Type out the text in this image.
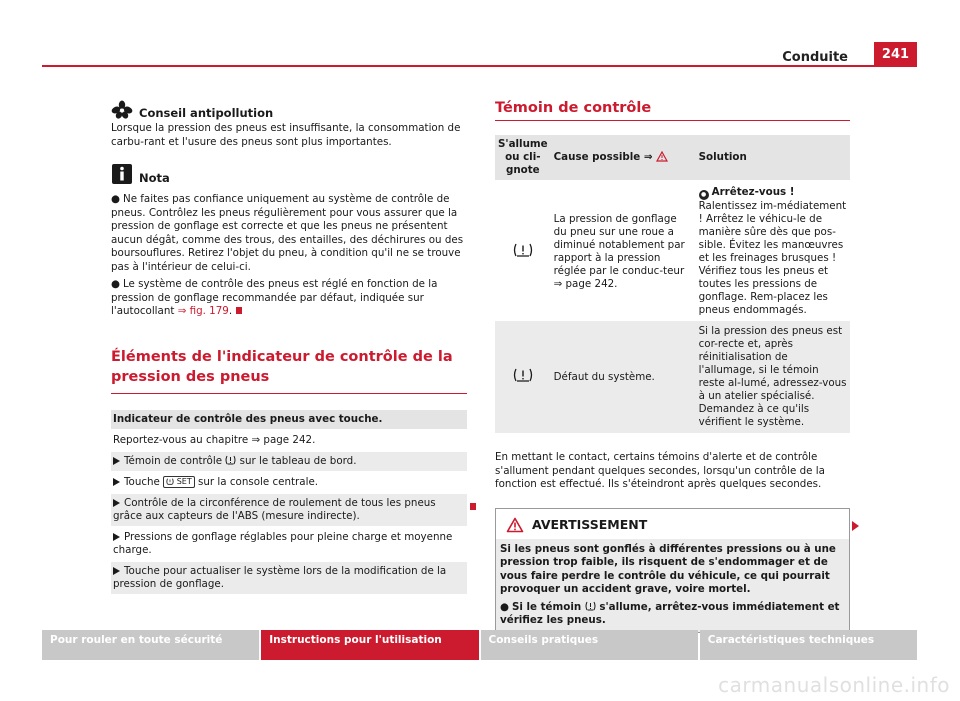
Conduite	241
Conseil antipollution

Lorsque la pression des pneus est insuffisante, la consommation de carbu-rant et l'usure des pneus sont plus importantes.

Nota
● Ne faites pas confiance uniquement au système de contrôle de pneus. Contrôlez les pneus régulièrement pour vous assurer que la pression de gonflage est correcte et que les pneus ne présentent aucun dégât, comme des trous, des entailles, des déchirures ou des boursouflures. Retirez l'objet du pneu, à condition qu'il ne se trouve pas à l'intérieur de celui-ci.
● Le système de contrôle des pneus est réglé en fonction de la pression de gonflage recommandée par défaut, indiquée sur l'autocollant ⇒ fig. 179.
Éléments de l'indicateur de contrôle de la pression des pneus
Indicateur de contrôle des pneus avec touche.
Reportez-vous au chapitre ⇒ page 242.
Témoin de contrôle  sur le tableau de bord.
Touche  SET sur la console centrale.
Contrôle de la circonférence de roulement de tous les pneus grâce aux capteurs de l'ABS (mesure indirecte).
Pressions de gonflage réglables pour pleine charge et moyenne charge.
Touche pour actualiser le système lors de la modification de la pression de gonflage.
Témoin de contrôle
S'allume ou cli-gnote	Cause possible ⇒	Solution
	La pression de gonflage du pneu sur une roue a diminué notablement par rapport à la pression réglée par le conduc-teur ⇒ page 242.	● Arrêtez-vous ! Ralentissez im-médiatement ! Arrêtez le véhicu-le de manière sûre dès que pos-sible. Évitez les manœuvres et les freinages brusques ! Vérifiez tous les pneus et toutes les pressions de gonflage. Rem-placez les pneus endommagés.
	Défaut du système.	Si la pression des pneus est cor-recte et, après réinitialisation de l'allumage, si le témoin reste al-lumé, adressez-vous à un atelier spécialisé. Demandez à ce qu'ils vérifient le système.

En mettant le contact, certains témoins d'alerte et de contrôle s'allument pendant quelques secondes, lorsqu'un contrôle de la fonction est effectué. Ils s'éteindront après quelques secondes.

AVERTISSEMENT

Si les pneus sont gonflés à différentes pressions ou à une pression trop faible, ils risquent de s'endommager et de vous faire perdre le contrôle du véhicule, ce qui pourrait provoquer un accident grave, voire mortel.

● Si le témoin  s'allume, arrêtez-vous immédiatement et vérifiez les pneus.

Pour rouler en toute sécurité	Instructions pour l'utilisation	Conseils pratiques	Caractéristiques techniques
carmanualsonline.info
